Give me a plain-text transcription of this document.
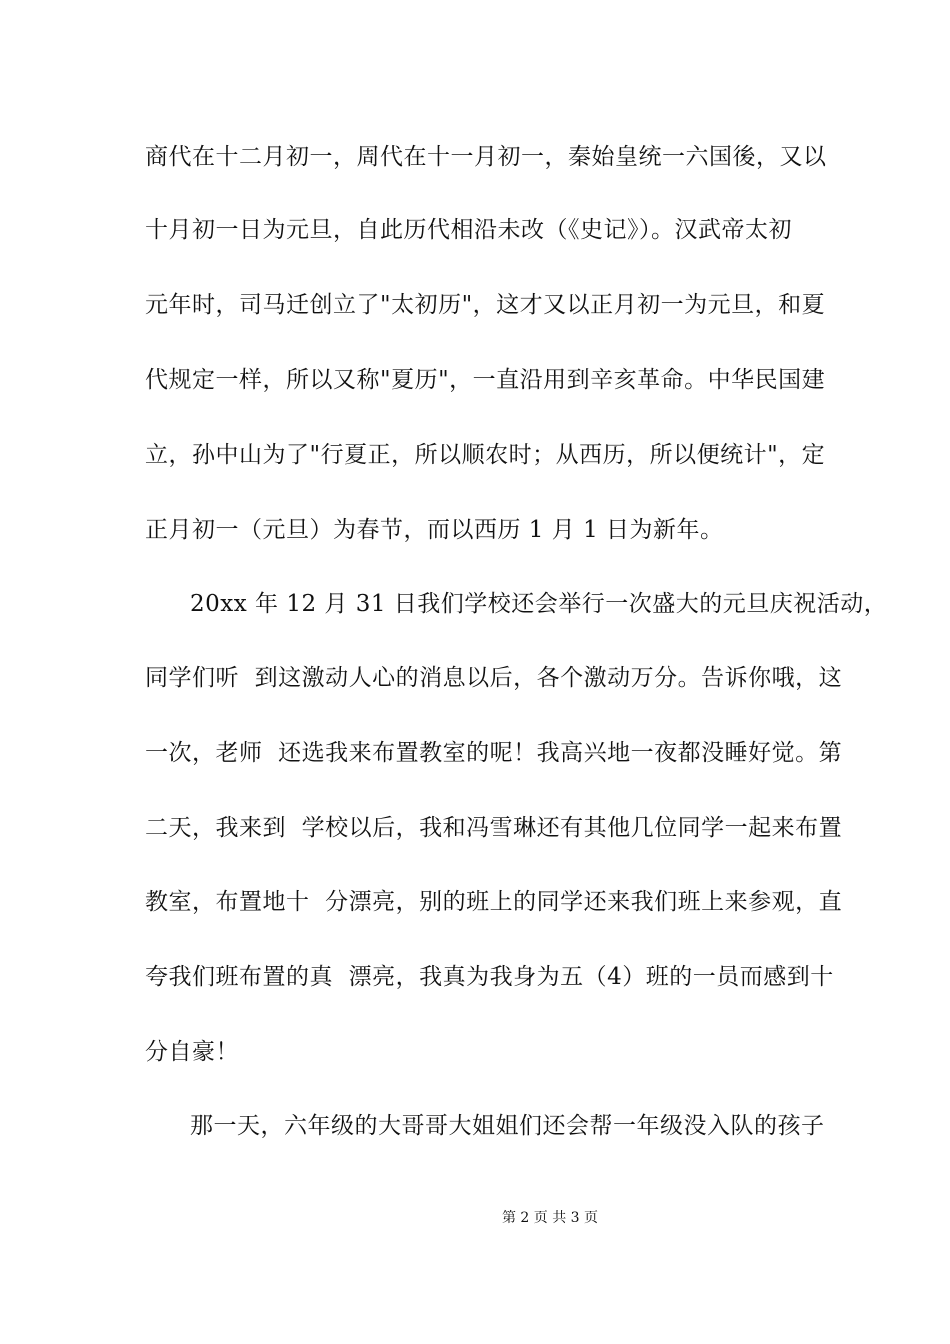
商代在十二月初一，周代在十一月初一，秦始皇统一六国後，又以
十月初一日为元旦，自此历代相沿未改（《史记》）。汉武帝太初
元年时，司马迁创立了"太初历"，这才又以正月初一为元旦，和夏
代规定一样，所以又称"夏历"，一直沿用到辛亥革命。中华民国建
立，孙中山为了"行夏正，所以顺农时；从西历，所以便统计"，定
正月初一（元旦）为春节，而以西历 1 月 1 日为新年。
20xx 年 12 月 31 日我们学校还会举行一次盛大的元旦庆祝活动，
同学们听  到这激动人心的消息以后，各个激动万分。告诉你哦，这
一次，老师  还选我来布置教室的呢！我高兴地一夜都没睡好觉。第
二天，我来到  学校以后，我和冯雪琳还有其他几位同学一起来布置
教室，布置地十  分漂亮，别的班上的同学还来我们班上来参观，直
夸我们班布置的真  漂亮，我真为我身为五（4）班的一员而感到十
分自豪！
那一天，六年级的大哥哥大姐姐们还会帮一年级没入队的孩子
第 2 页 共 3 页
